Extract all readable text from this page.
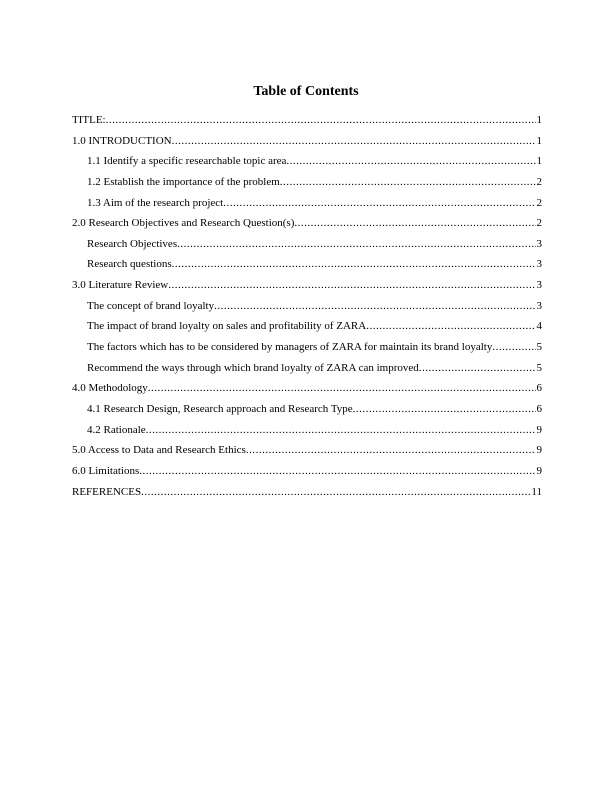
Table of Contents
TITLE: .....	1
1.0 INTRODUCTION .....	1
1.1 Identify a specific researchable topic area .....	1
1.2 Establish the importance of the problem .....	2
1.3 Aim of the research project .....	2
2.0 Research Objectives and Research Question(s) .....	2
Research Objectives .....	3
Research questions .....	3
3.0 Literature Review .....	3
The concept of brand loyalty .....	3
The impact of brand loyalty on sales and profitability of ZARA .....	4
The factors which has to be considered by managers of ZARA for maintain its brand loyalty .....	5
Recommend the ways through which brand loyalty of ZARA can improved .....	5
4.0 Methodology .....	6
4.1 Research Design, Research approach and Research Type .....	6
4.2 Rationale .....	9
5.0 Access to Data and Research Ethics .....	9
6.0 Limitations .....	9
REFERENCES .....	11
